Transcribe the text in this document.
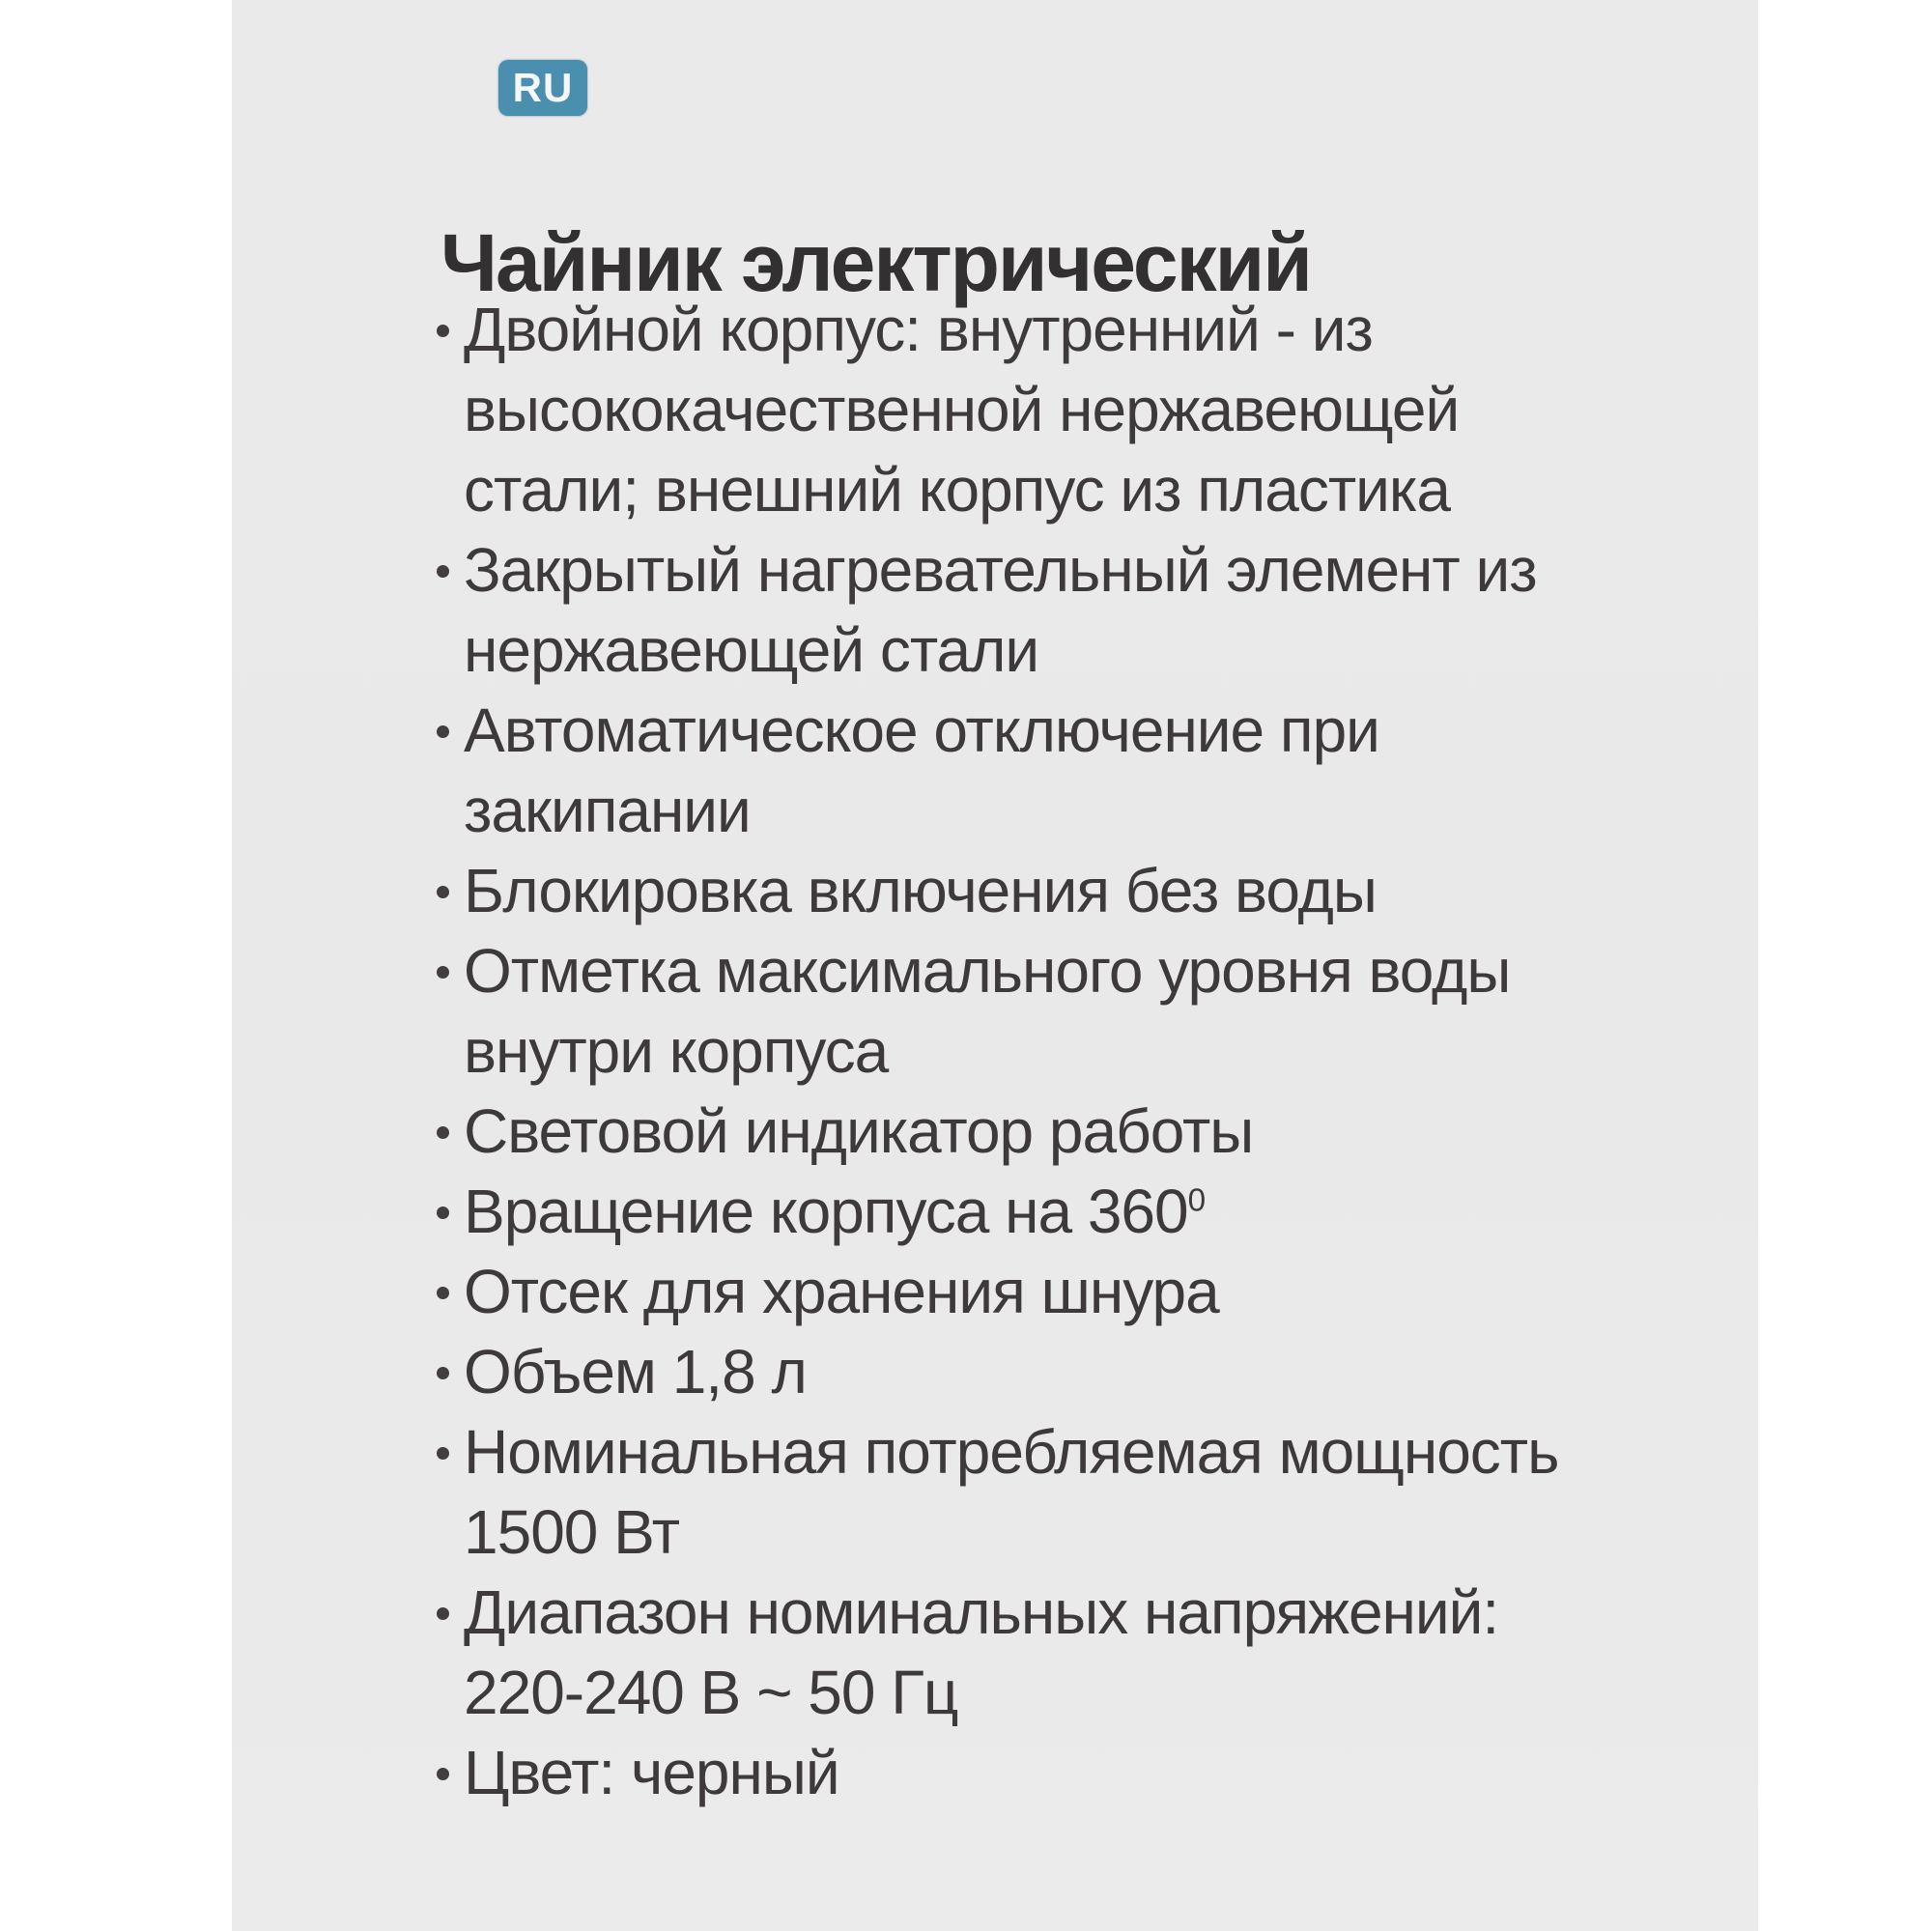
RU
Чайник электрический
Двойной корпус: внутренний - из
высококачественной нержавеющей
стали; внешний корпус из пластика
Закрытый нагревательный элемент из
нержавеющей стали
Автоматическое отключение при
закипании
Блокировка включения без воды
Отметка максимального уровня воды
внутри корпуса
Световой индикатор работы
Вращение корпуса на $360^0$
Отсек для хранения шнура
Объем 1,8 л
Номинальная потребляемая мощность
1500 Вт
Диапазон номинальных напряжений:
220-240 В ~ 50 Гц
Цвет: черный
